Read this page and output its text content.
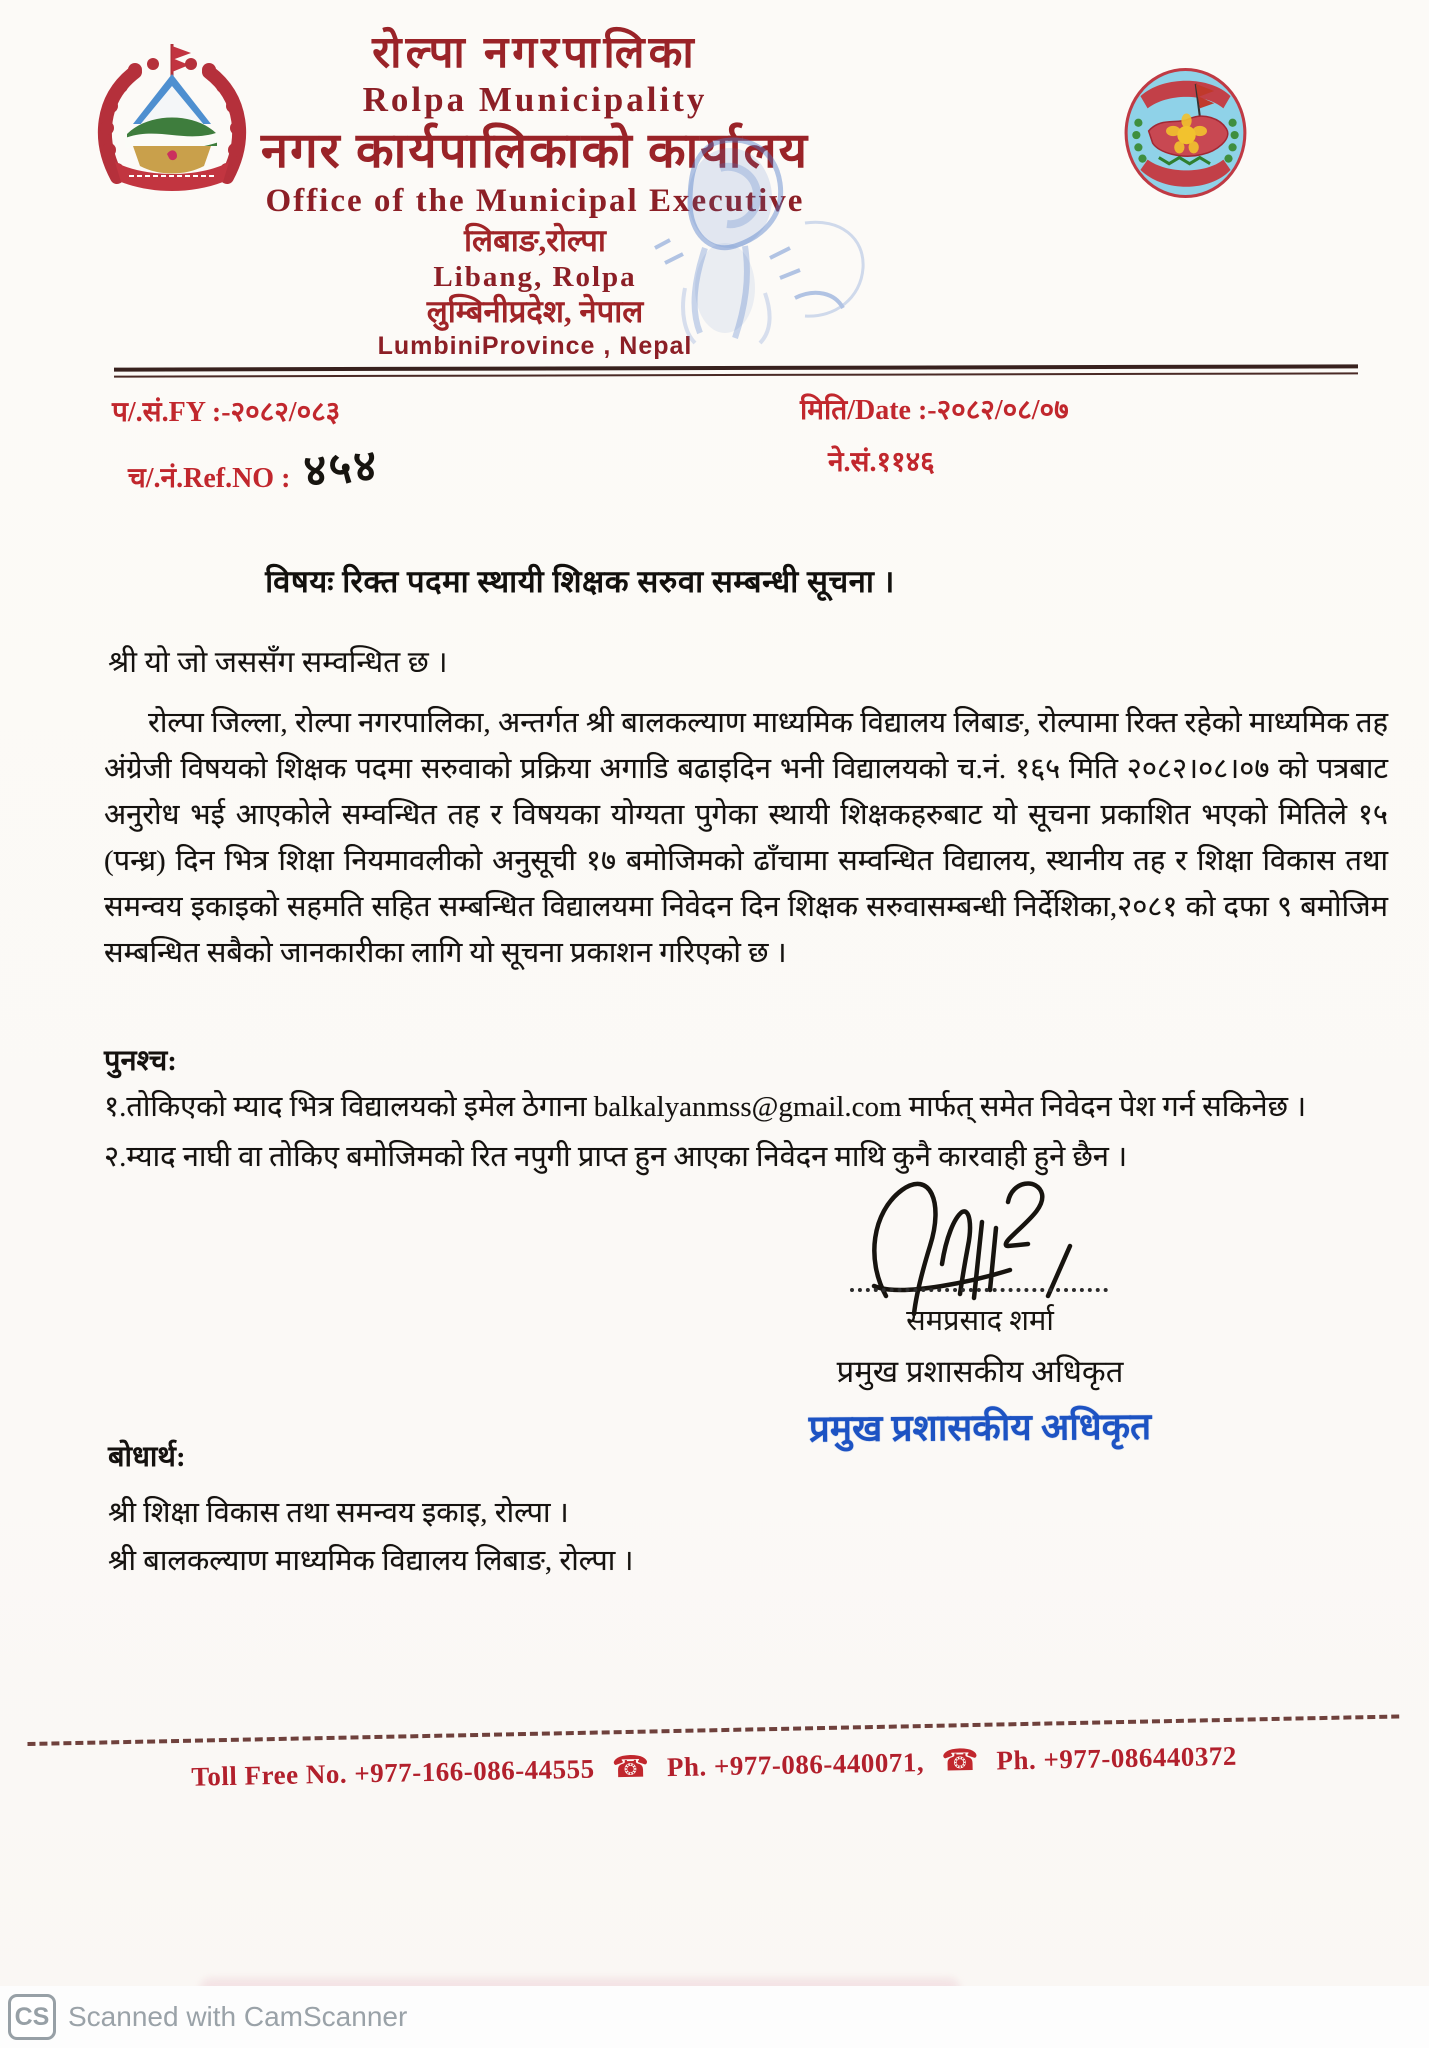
रोल्पा नगरपालिका
Rolpa Municipality
नगर कार्यपालिकाको कार्यालय
Office of the Municipal Executive
लिबाङ,रोल्पा
Libang, Rolpa
लुम्बिनीप्रदेश, नेपाल
LumbiniProvince , Nepal
प/.सं.FY :-२०८२/०८३
च/.नं.Ref.NO : ४५४
मिति/Date :-२०८२/०८/०७
ने.सं.११४६
विषयः रिक्त पदमा स्थायी शिक्षक सरुवा सम्बन्धी सूचना ।
श्री यो जो जससँग सम्वन्धित छ ।
रोल्पा जिल्ला, रोल्पा नगरपालिका, अन्तर्गत श्री बालकल्याण माध्यमिक विद्यालय लिबाङ, रोल्पामा रिक्त रहेको माध्यमिक तह अंग्रेजी विषयको शिक्षक पदमा सरुवाको प्रक्रिया अगाडि बढाइदिन भनी विद्यालयको च.नं. १६५ मिति २०८२।०८।०७ को पत्रबाट अनुरोध भई आएकोले सम्वन्धित तह र विषयका योग्यता पुगेका स्थायी शिक्षकहरुबाट यो सूचना प्रकाशित भएको मितिले १५ (पन्ध्र) दिन भित्र शिक्षा नियमावलीको अनुसूची १७ बमोजिमको ढाँचामा सम्वन्धित विद्यालय, स्थानीय तह र शिक्षा विकास तथा समन्वय इकाइको सहमति सहित सम्बन्धित विद्यालयमा निवेदन दिन शिक्षक सरुवासम्बन्धी निर्देशिका,२०८१ को दफा ९ बमोजिम सम्बन्धित सबैको जानकारीका लागि यो सूचना प्रकाशन गरिएको छ ।
पुनश्च:
१.तोकिएको म्याद भित्र विद्यालयको इमेल ठेगाना balkalyanmss@gmail.com मार्फत् समेत निवेदन पेश गर्न सकिनेछ ।
२.म्याद नाघी वा तोकिए बमोजिमको रित नपुगी प्राप्त हुन आएका निवेदन माथि कुनै कारवाही हुने छैन ।
समप्रसाद शर्मा
प्रमुख प्रशासकीय अधिकृत
प्रमुख प्रशासकीय अधिकृत
बोधार्थ:
श्री शिक्षा विकास तथा समन्वय इकाइ, रोल्पा ।
श्री बालकल्याण माध्यमिक विद्यालय लिबाङ, रोल्पा ।
Toll Free No. +977-166-086-44555 ☎ Ph. +977-086-440071, ☎ Ph. +977-086440372
CS Scanned with CamScanner
